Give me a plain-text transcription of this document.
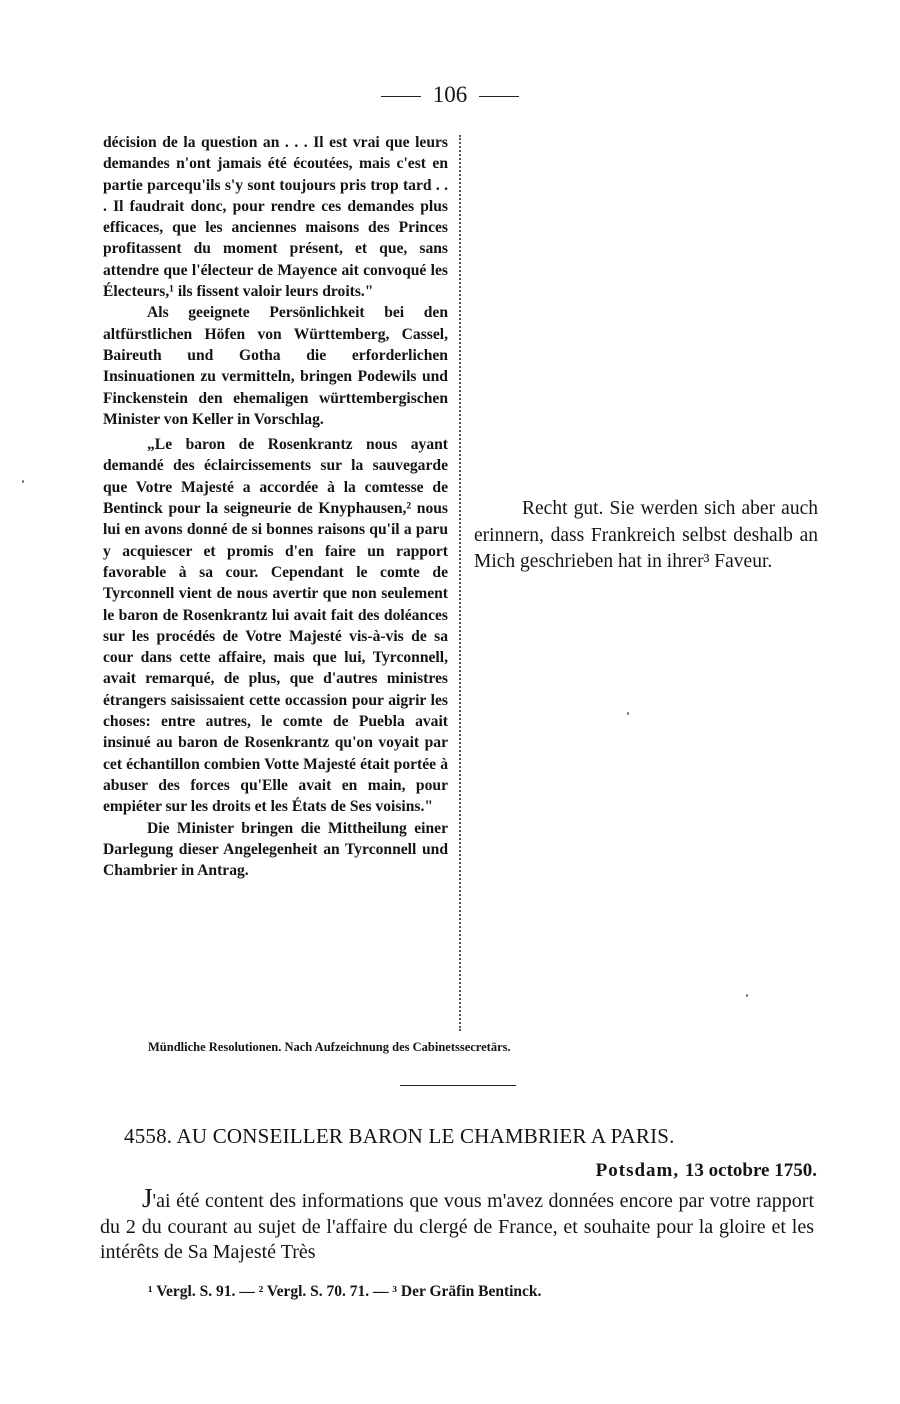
106

décision de la question an . . . Il est vrai que leurs demandes n'ont jamais été écoutées, mais c'est en partie parcequ'ils s'y sont toujours pris trop tard . . . Il faudrait donc, pour rendre ces demandes plus efficaces, que les anciennes maisons des Princes profitassent du moment présent, et que, sans attendre que l'électeur de Mayence ait convoqué les Électeurs,¹ ils fissent valoir leurs droits."

Als geeignete Persönlichkeit bei den altfürstlichen Höfen von Württemberg, Cassel, Baireuth und Gotha die erforderlichen Insinuationen zu vermitteln, bringen Podewils und Finckenstein den ehemaligen württembergischen Minister von Keller in Vorschlag.

„Le baron de Rosenkrantz nous ayant demandé des éclaircissements sur la sauvegarde que Votre Majesté a accordée à la comtesse de Bentinck pour la seigneurie de Knyphausen,² nous lui en avons donné de si bonnes raisons qu'il a paru y acquiescer et promis d'en faire un rapport favorable à sa cour. Cependant le comte de Tyrconnell vient de nous avertir que non seulement le baron de Rosenkrantz lui avait fait des doléances sur les procédés de Votre Majesté vis-à-vis de sa cour dans cette affaire, mais que lui, Tyrconnell, avait remarqué, de plus, que d'autres ministres étrangers saisissaient cette occassion pour aigrir les choses: entre autres, le comte de Puebla avait insinué au baron de Rosenkrantz qu'on voyait par cet échantillon combien Votte Majesté était portée à abuser des forces qu'Elle avait en main, pour empiéter sur les droits et les États de Ses voisins."

Die Minister bringen die Mittheilung einer Darlegung dieser Angelegenheit an Tyrconnell und Chambrier in Antrag.

Recht gut. Sie werden sich aber auch erinnern, dass Frankreich selbst deshalb an Mich geschrieben hat in ihrer³ Faveur.

Mündliche Resolutionen. Nach Aufzeichnung des Cabinetssecretärs.
4558. AU CONSEILLER BARON LE CHAMBRIER A PARIS.
Potsdam, 13 octobre 1750.

J'ai été content des informations que vous m'avez données encore par votre rapport du 2 du courant au sujet de l'affaire du clergé de France, et souhaite pour la gloire et les intérêts de Sa Majesté Très

¹ Vergl. S. 91. — ² Vergl. S. 70. 71. — ³ Der Gräfin Bentinck.
